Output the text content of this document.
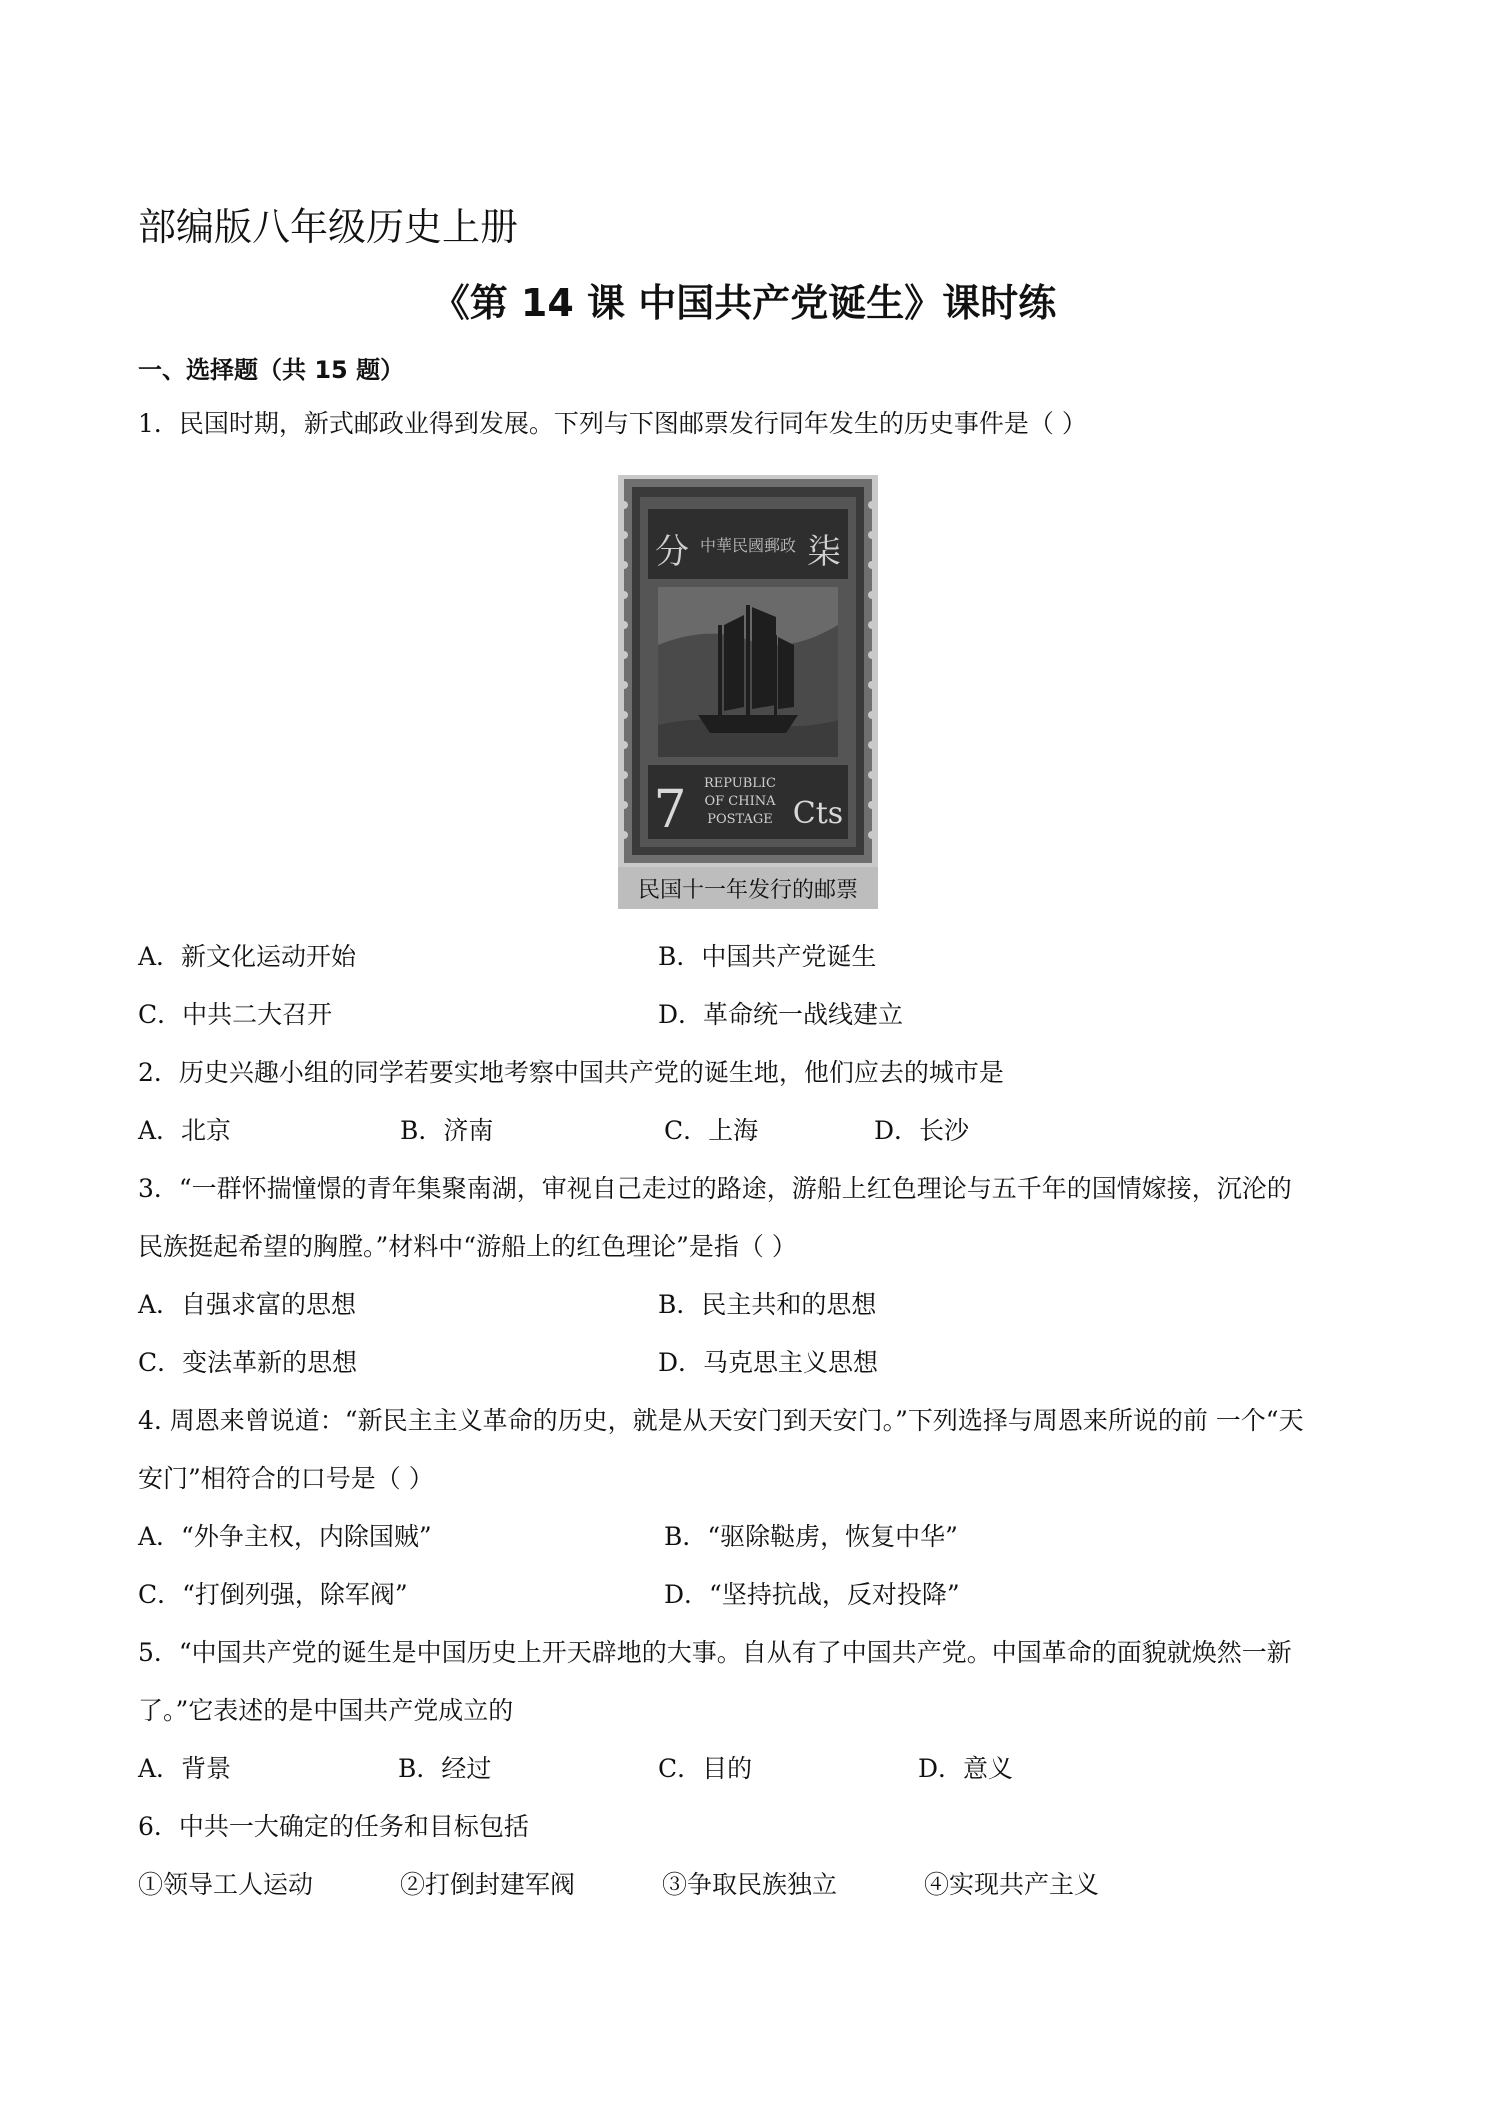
部编版八年级历史上册
《第 14 课 中国共产党诞生》课时练
一、选择题（共 15 题）
1．民国时期，新式邮政业得到发展。下列与下图邮票发行同年发生的历史事件是（ ）
分	柒
中華民國郵政
7 REPUBLIC
OF CHINA
POSTAGE Cts
民国十一年发行的邮票
A．新文化运动开始	B．中国共产党诞生
C．中共二大召开	D．革命统一战线建立
2．历史兴趣小组的同学若要实地考察中国共产党的诞生地，他们应去的城市是
A．北京	B．济南	C．上海	D．长沙
3．“一群怀揣憧憬的青年集聚南湖，审视自己走过的路途，游船上红色理论与五千年的国情嫁接，沉沦的
民族挺起希望的胸膛。”材料中“游船上的红色理论”是指（ ）
A．自强求富的思想	B．民主共和的思想
C．变法革新的思想	D．马克思主义思想
4. 周恩来曾说道：“新民主主义革命的历史，就是从天安门到天安门。”下列选择与周恩来所说的前 一个“天
安门”相符合的口号是（ ）
A．“外争主权，内除国贼”	B．“驱除鞑虏，恢复中华”
C．“打倒列强，除军阀”	D．“坚持抗战，反对投降”
5．“中国共产党的诞生是中国历史上开天辟地的大事。自从有了中国共产党。中国革命的面貌就焕然一新
了。”它表述的是中国共产党成立的
A．背景	B．经过	C．目的	D．意义
6．中共一大确定的任务和目标包括
①领导工人运动	②打倒封建军阀	③争取民族独立	④实现共产主义
